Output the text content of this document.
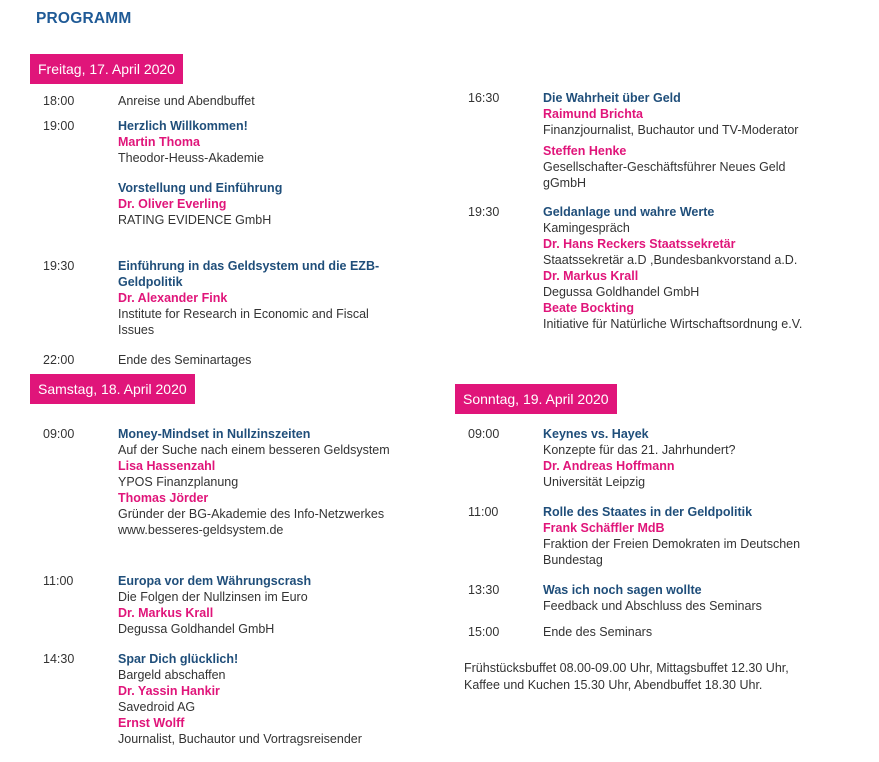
PROGRAMM
Freitag, 17. April 2020
Samstag, 18. April 2020
Sonntag, 19. April 2020
18:00	Anreise und Abendbuffet
19:00	Herzlich Willkommen!
Martin Thoma
Theodor-Heuss-Akademie
Vorstellung und Einführung
Dr. Oliver Everling
RATING EVIDENCE GmbH
19:30	Einführung in das Geldsystem und die EZB-
Geldpolitik
Dr. Alexander Fink
Institute for Research in Economic and Fiscal
Issues
22:00	Ende des Seminartages
16:30	Die Wahrheit über Geld
Raimund Brichta
Finanzjournalist, Buchautor und TV-Moderator
Steffen Henke
Gesellschafter-Geschäftsführer Neues Geld
gGmbH
19:30	Geldanlage und wahre Werte
Kamingespräch
Dr. Hans Reckers Staatssekretär
Staatssekretär a.D ,Bundesbankvorstand a.D.
Dr. Markus Krall
Degussa Goldhandel GmbH
Beate Bockting
Initiative für Natürliche Wirtschaftsordnung e.V.
09:00	Money-Mindset in Nullzinszeiten
Auf der Suche nach einem besseren Geldsystem
Lisa Hassenzahl
YPOS Finanzplanung
Thomas Jörder
Gründer der BG-Akademie des Info-Netzwerkes
www.besseres-geldsystem.de
11:00	Europa vor dem Währungscrash
Die Folgen der Nullzinsen im Euro
Dr. Markus Krall
Degussa Goldhandel GmbH
14:30	Spar Dich glücklich!
Bargeld abschaffen
Dr. Yassin Hankir
Savedroid AG
Ernst Wolff
Journalist, Buchautor und Vortragsreisender
09:00	Keynes vs. Hayek
Konzepte für das 21. Jahrhundert?
Dr. Andreas Hoffmann
Universität Leipzig
11:00	Rolle des Staates in der Geldpolitik
Frank Schäffler MdB
Fraktion der Freien Demokraten im Deutschen
Bundestag
13:30	Was ich noch sagen wollte
Feedback und Abschluss des Seminars
15:00	Ende des Seminars
Frühstücksbuffet 08.00-09.00 Uhr, Mittagsbuffet 12.30 Uhr,
Kaffee und Kuchen 15.30 Uhr, Abendbuffet 18.30 Uhr.
